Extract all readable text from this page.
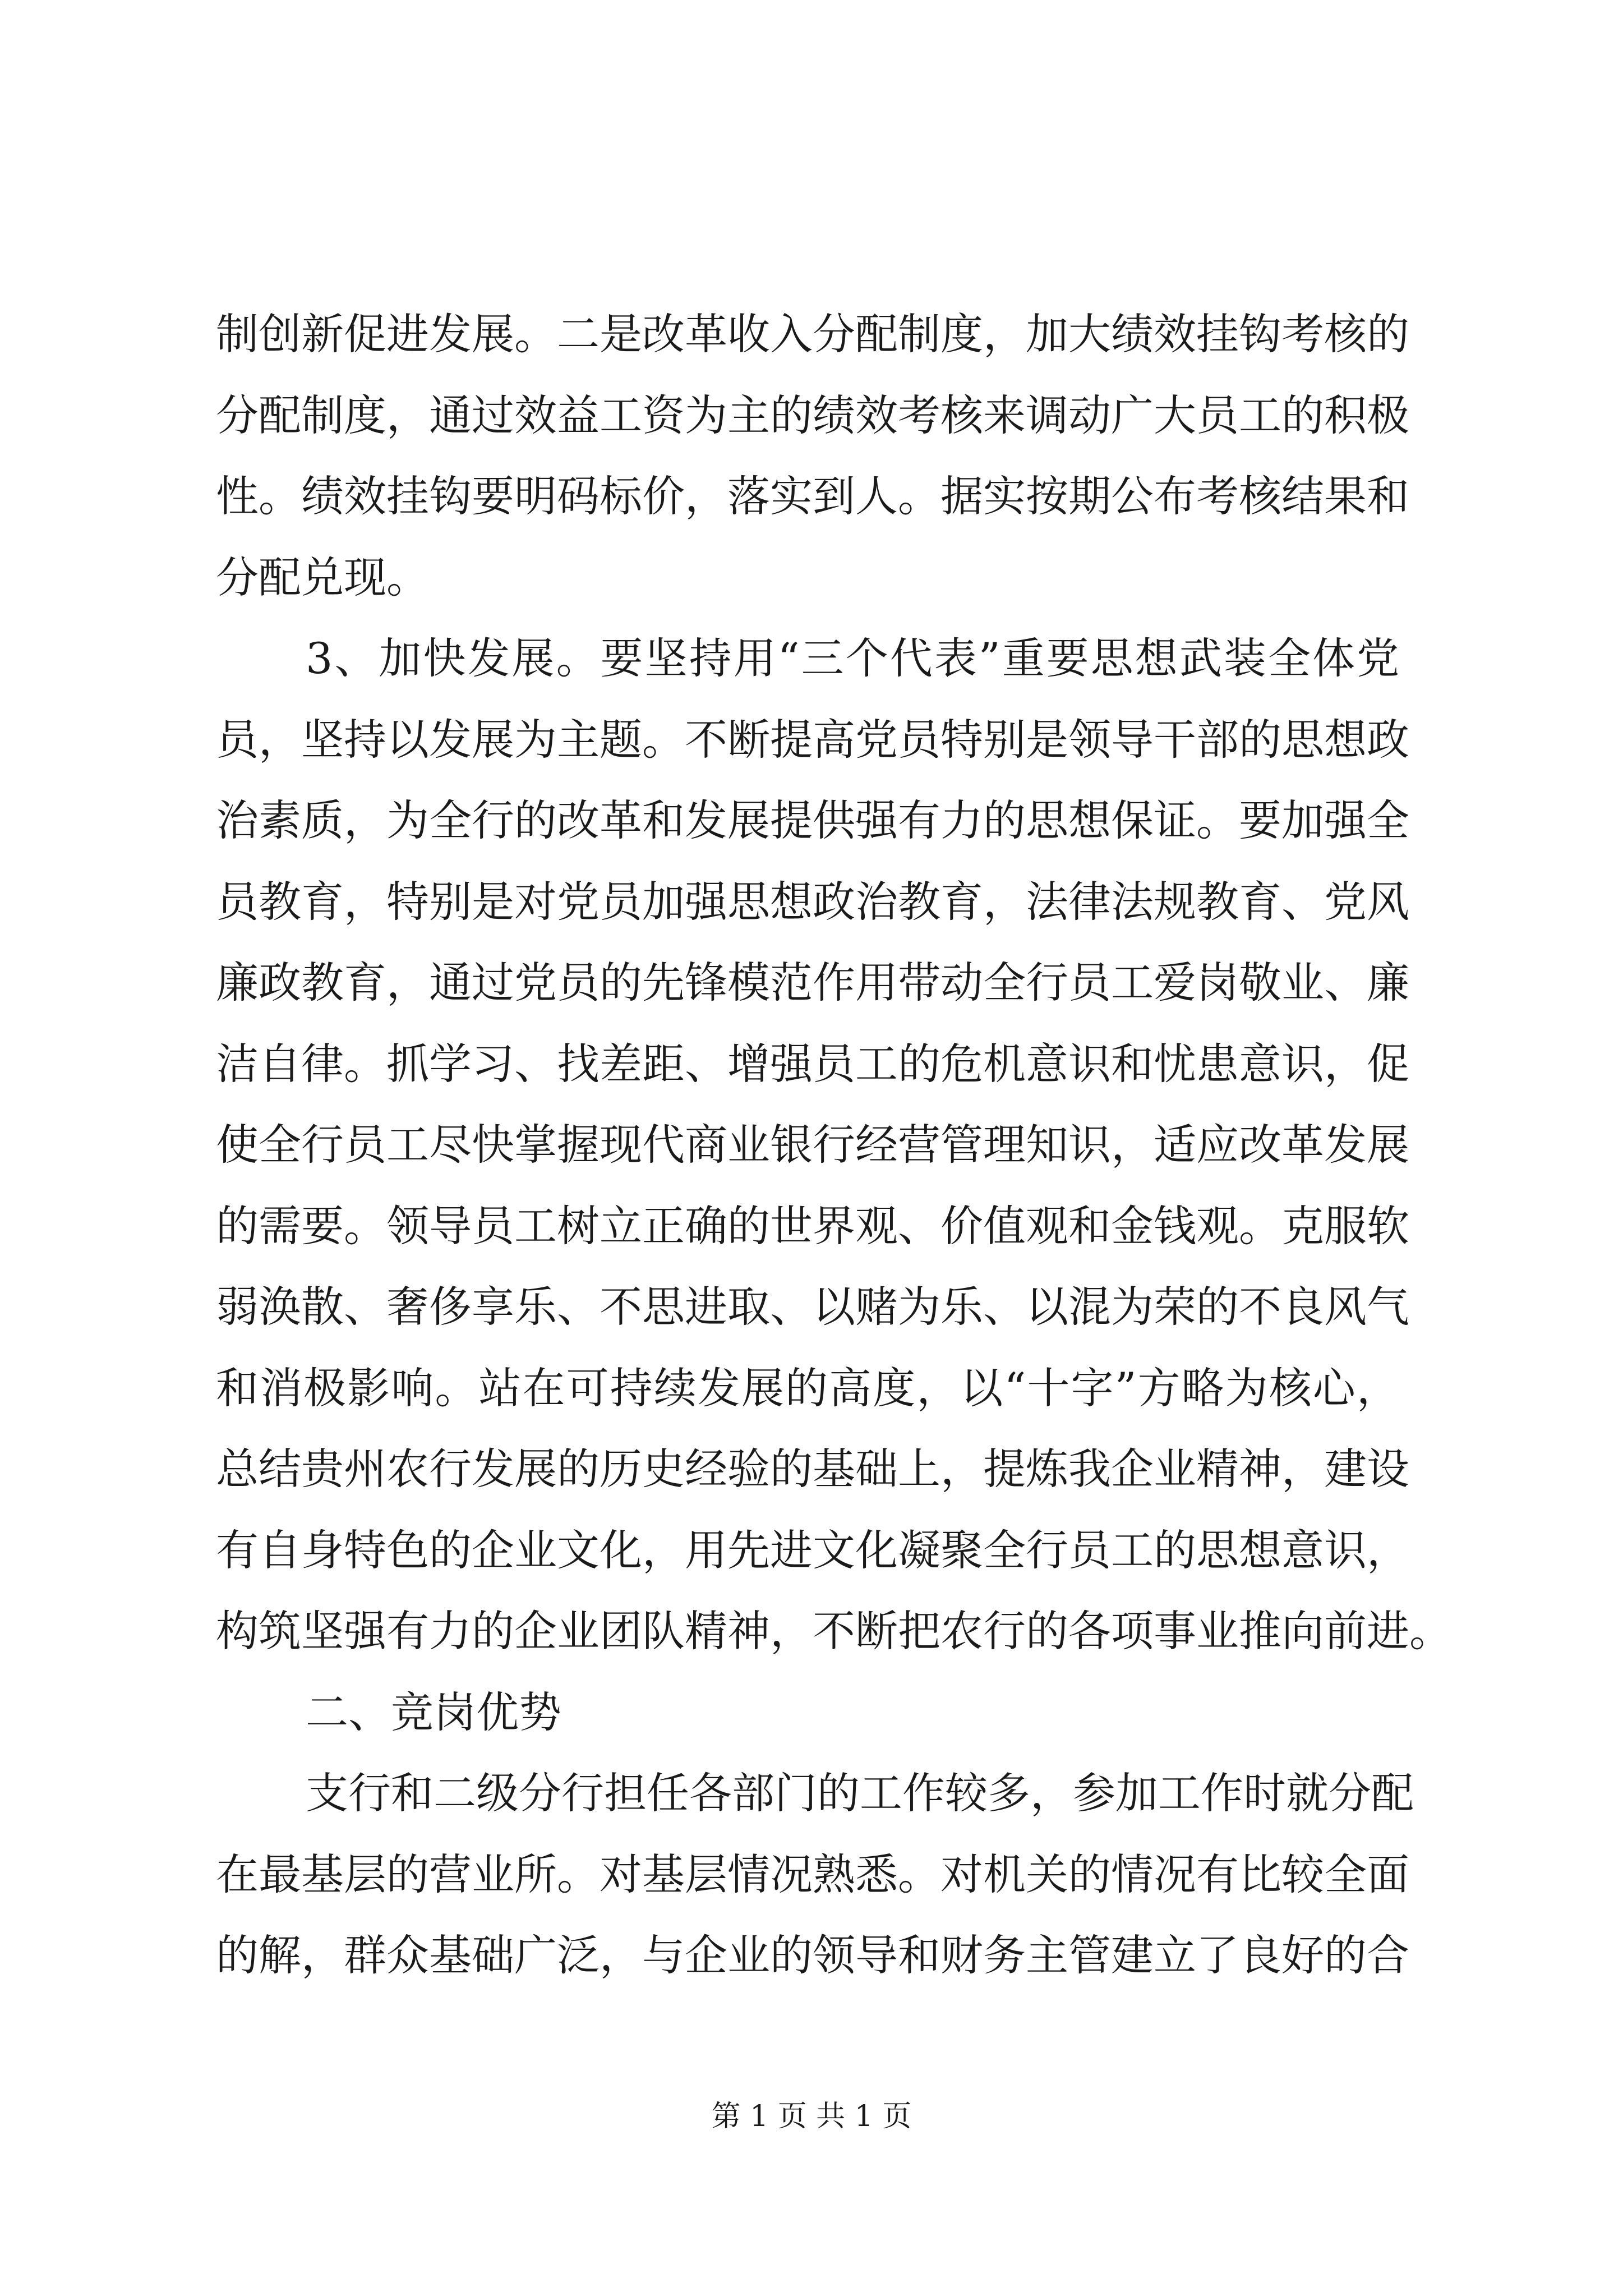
制创新促进发展。二是改革收入分配制度，加大绩效挂钩考核的
分配制度，通过效益工资为主的绩效考核来调动广大员工的积极
性。绩效挂钩要明码标价，落实到人。据实按期公布考核结果和
分配兑现。
3、加快发展。要坚持用“三个代表”重要思想武装全体党
员，坚持以发展为主题。不断提高党员特别是领导干部的思想政
治素质，为全行的改革和发展提供强有力的思想保证。要加强全
员教育，特别是对党员加强思想政治教育，法律法规教育、党风
廉政教育，通过党员的先锋模范作用带动全行员工爱岗敬业、廉
洁自律。抓学习、找差距、增强员工的危机意识和忧患意识，促
使全行员工尽快掌握现代商业银行经营管理知识，适应改革发展
的需要。领导员工树立正确的世界观、价值观和金钱观。克服软
弱涣散、奢侈享乐、不思进取、以赌为乐、以混为荣的不良风气
和消极影响。站在可持续发展的高度，以“十字”方略为核心，
总结贵州农行发展的历史经验的基础上，提炼我企业精神，建设
有自身特色的企业文化，用先进文化凝聚全行员工的思想意识，
构筑坚强有力的企业团队精神，不断把农行的各项事业推向前进。
二、竞岗优势
支行和二级分行担任各部门的工作较多，参加工作时就分配
在最基层的营业所。对基层情况熟悉。对机关的情况有比较全面
的解，群众基础广泛，与企业的领导和财务主管建立了良好的合
第 1 页 共 1 页
